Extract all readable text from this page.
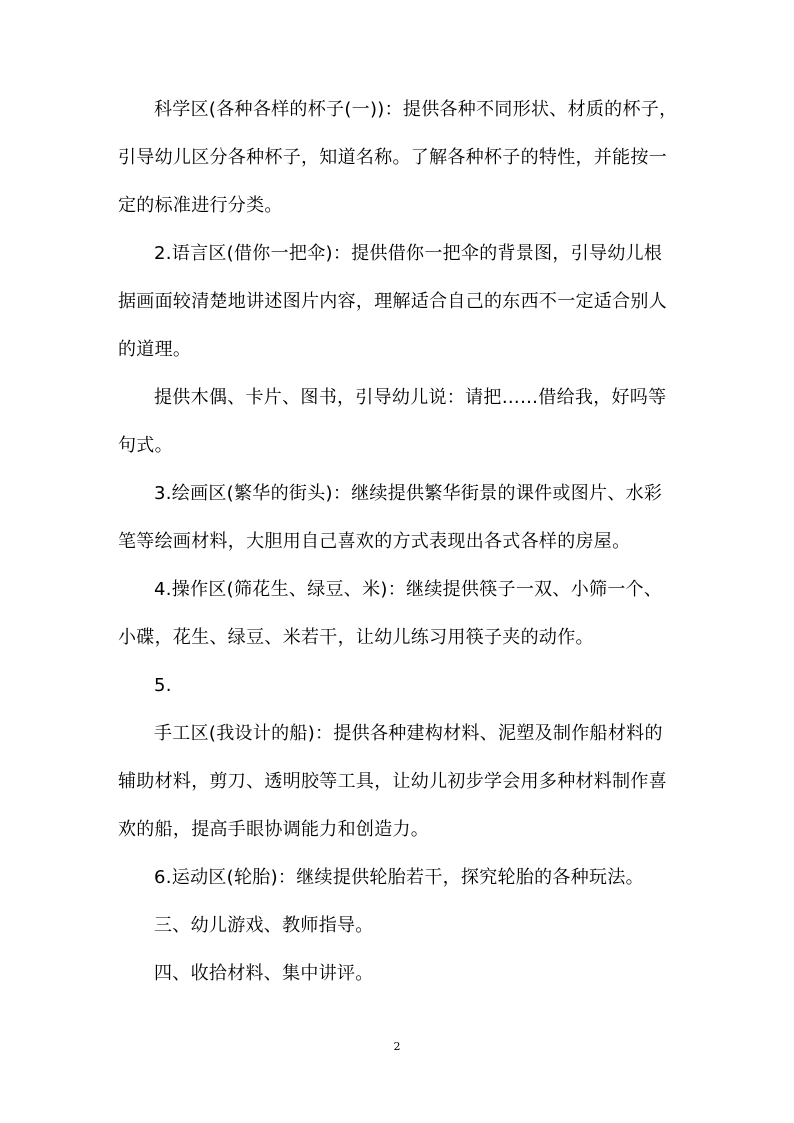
科学区(各种各样的杯子(一))：提供各种不同形状、材质的杯子，引导幼儿区分各种杯子，知道名称。了解各种杯子的特性，并能按一定的标准进行分类。

2.语言区(借你一把伞)：提供借你一把伞的背景图，引导幼儿根据画面较清楚地讲述图片内容，理解适合自己的东西不一定适合别人的道理。

提供木偶、卡片、图书，引导幼儿说：请把……借给我，好吗等句式。

3.绘画区(繁华的街头)：继续提供繁华街景的课件或图片、水彩笔等绘画材料，大胆用自己喜欢的方式表现出各式各样的房屋。

4.操作区(筛花生、绿豆、米)：继续提供筷子一双、小筛一个、小碟，花生、绿豆、米若干，让幼儿练习用筷子夹的动作。

5.

手工区(我设计的船)：提供各种建构材料、泥塑及制作船材料的辅助材料，剪刀、透明胶等工具，让幼儿初步学会用多种材料制作喜欢的船，提高手眼协调能力和创造力。

6.运动区(轮胎)：继续提供轮胎若干，探究轮胎的各种玩法。

三、幼儿游戏、教师指导。

四、收拾材料、集中讲评。

2
